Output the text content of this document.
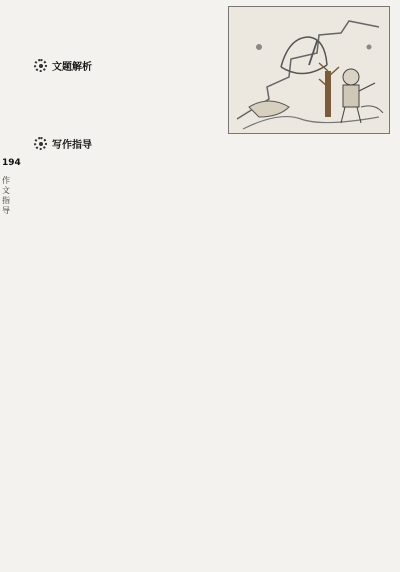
194
作文指导
文题解析

写作指导
